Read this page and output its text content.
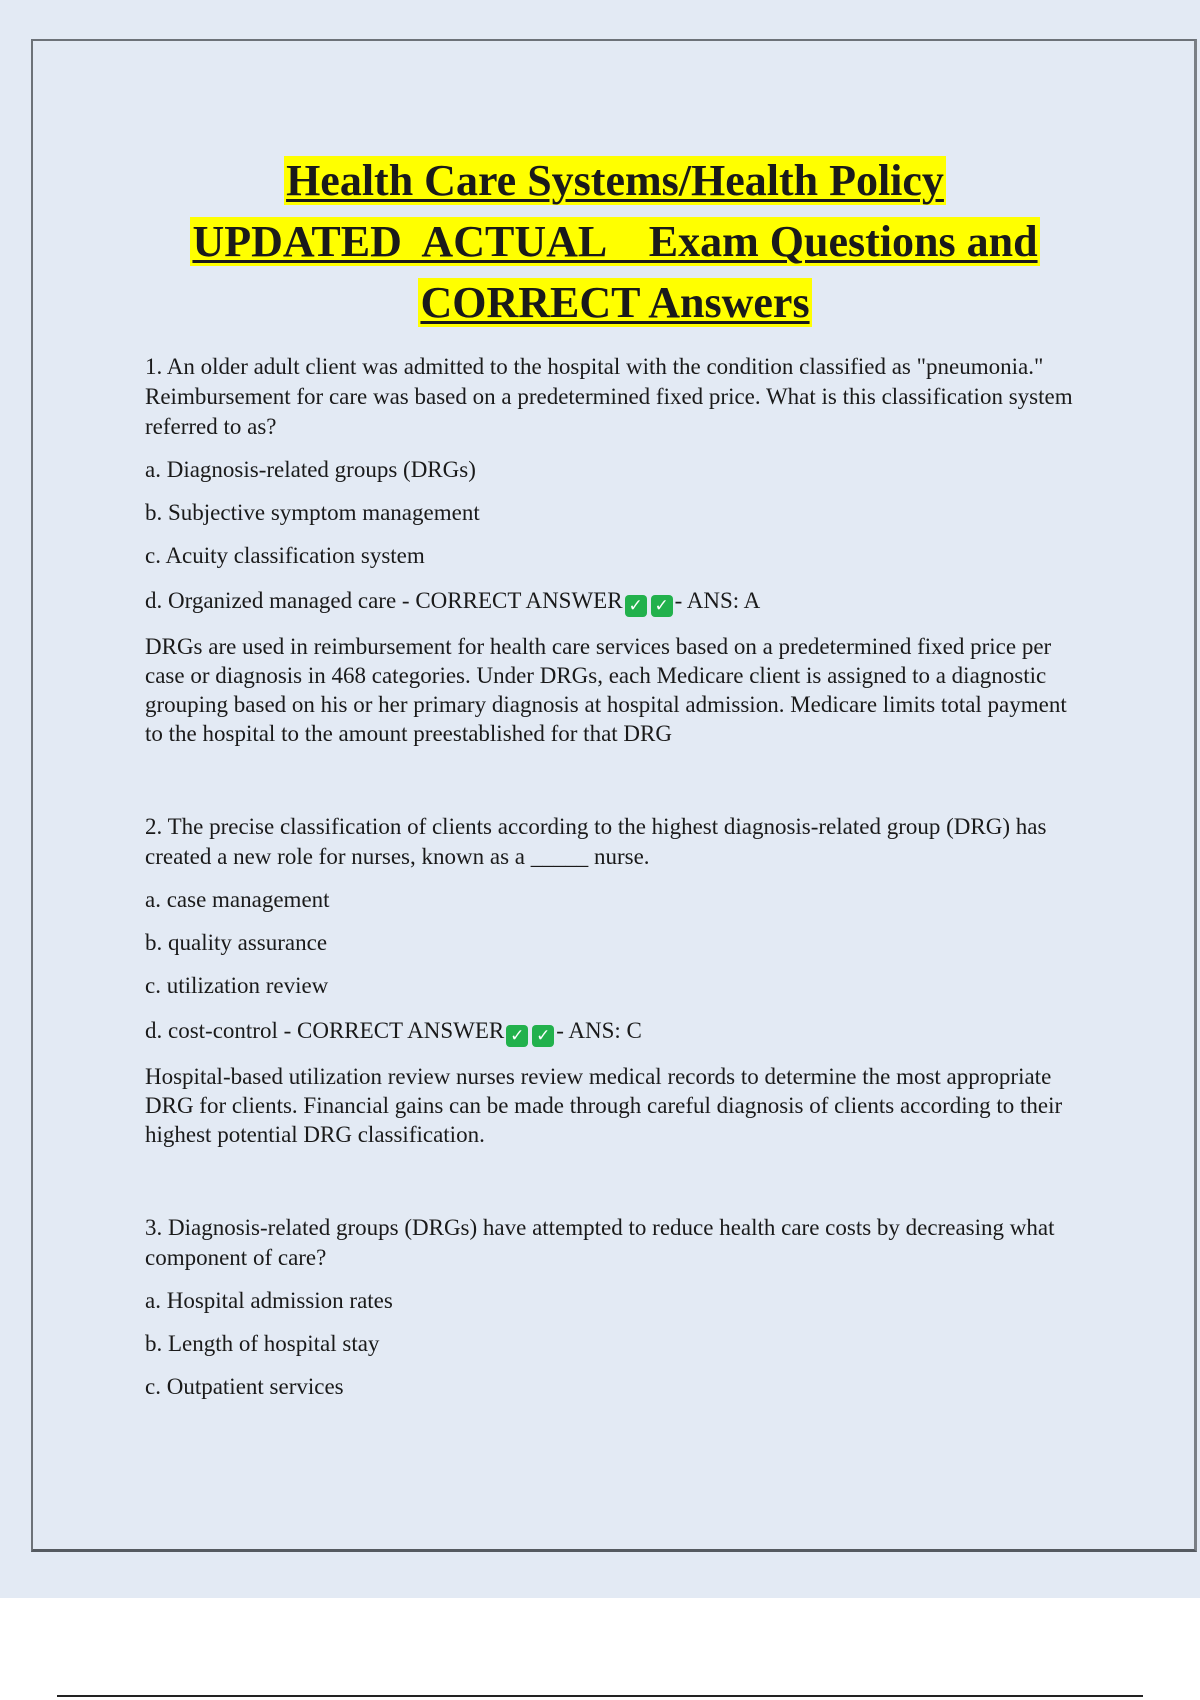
Health Care Systems/Health Policy
UPDATED  ACTUAL    Exam Questions and
CORRECT Answers

1. An older adult client was admitted to the hospital with the condition classified as "pneumonia." Reimbursement for care was based on a predetermined fixed price. What is this classification system referred to as?

a. Diagnosis-related groups (DRGs)

b. Subjective symptom management

c. Acuity classification system

d. Organized managed care - CORRECT ANSWER ✓ ✓ - ANS: A

DRGs are used in reimbursement for health care services based on a predetermined fixed price per case or diagnosis in 468 categories. Under DRGs, each Medicare client is assigned to a diagnostic grouping based on his or her primary diagnosis at hospital admission. Medicare limits total payment to the hospital to the amount preestablished for that DRG

2. The precise classification of clients according to the highest diagnosis-related group (DRG) has created a new role for nurses, known as a _____ nurse.

a. case management

b. quality assurance

c. utilization review

d. cost-control - CORRECT ANSWER ✓ ✓ - ANS: C

Hospital-based utilization review nurses review medical records to determine the most appropriate DRG for clients. Financial gains can be made through careful diagnosis of clients according to their highest potential DRG classification.

3. Diagnosis-related groups (DRGs) have attempted to reduce health care costs by decreasing what component of care?

a. Hospital admission rates

b. Length of hospital stay

c. Outpatient services
